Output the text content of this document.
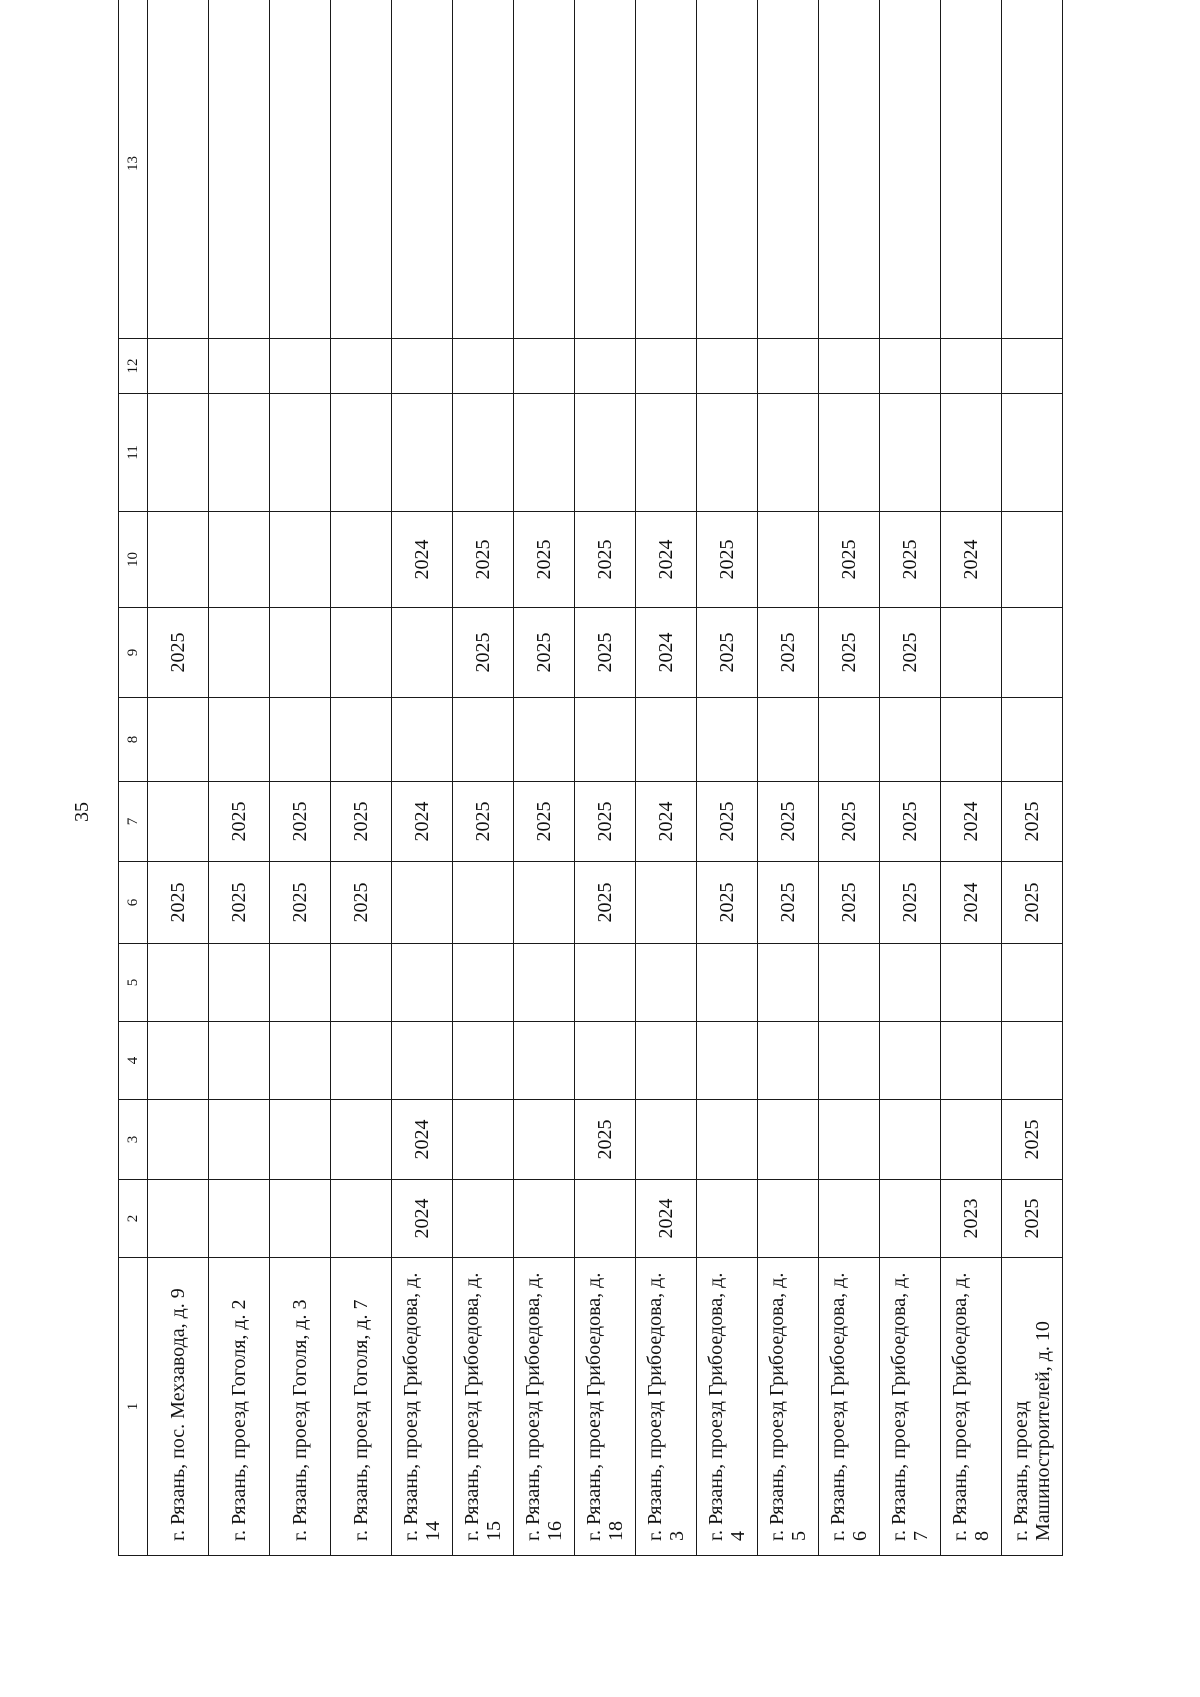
35
1	2	3	4	5	6	7	8	9	10	11	12	13
г. Рязань, пос. Мехзавода, д. 9					2025			2025				
г. Рязань, проезд Гоголя, д. 2					2025	2025						
г. Рязань, проезд Гоголя, д. 3					2025	2025						
г. Рязань, проезд Гоголя, д. 7					2025	2025						
г. Рязань, проезд Грибоедова, д. 14	2024	2024				2024			2024			
г. Рязань, проезд Грибоедова, д. 15						2025		2025	2025			
г. Рязань, проезд Грибоедова, д. 16						2025		2025	2025			
г. Рязань, проезд Грибоедова, д. 18		2025			2025	2025		2025	2025			
г. Рязань, проезд Грибоедова, д. 3	2024					2024		2024	2024			
г. Рязань, проезд Грибоедова, д. 4					2025	2025		2025	2025			
г. Рязань, проезд Грибоедова, д. 5					2025	2025		2025				
г. Рязань, проезд Грибоедова, д. 6					2025	2025		2025	2025			
г. Рязань, проезд Грибоедова, д. 7					2025	2025		2025	2025			
г. Рязань, проезд Грибоедова, д. 8	2023				2024	2024			2024			
г. Рязань, проезд Машиностроителей, д. 10	2025	2025			2025	2025						
